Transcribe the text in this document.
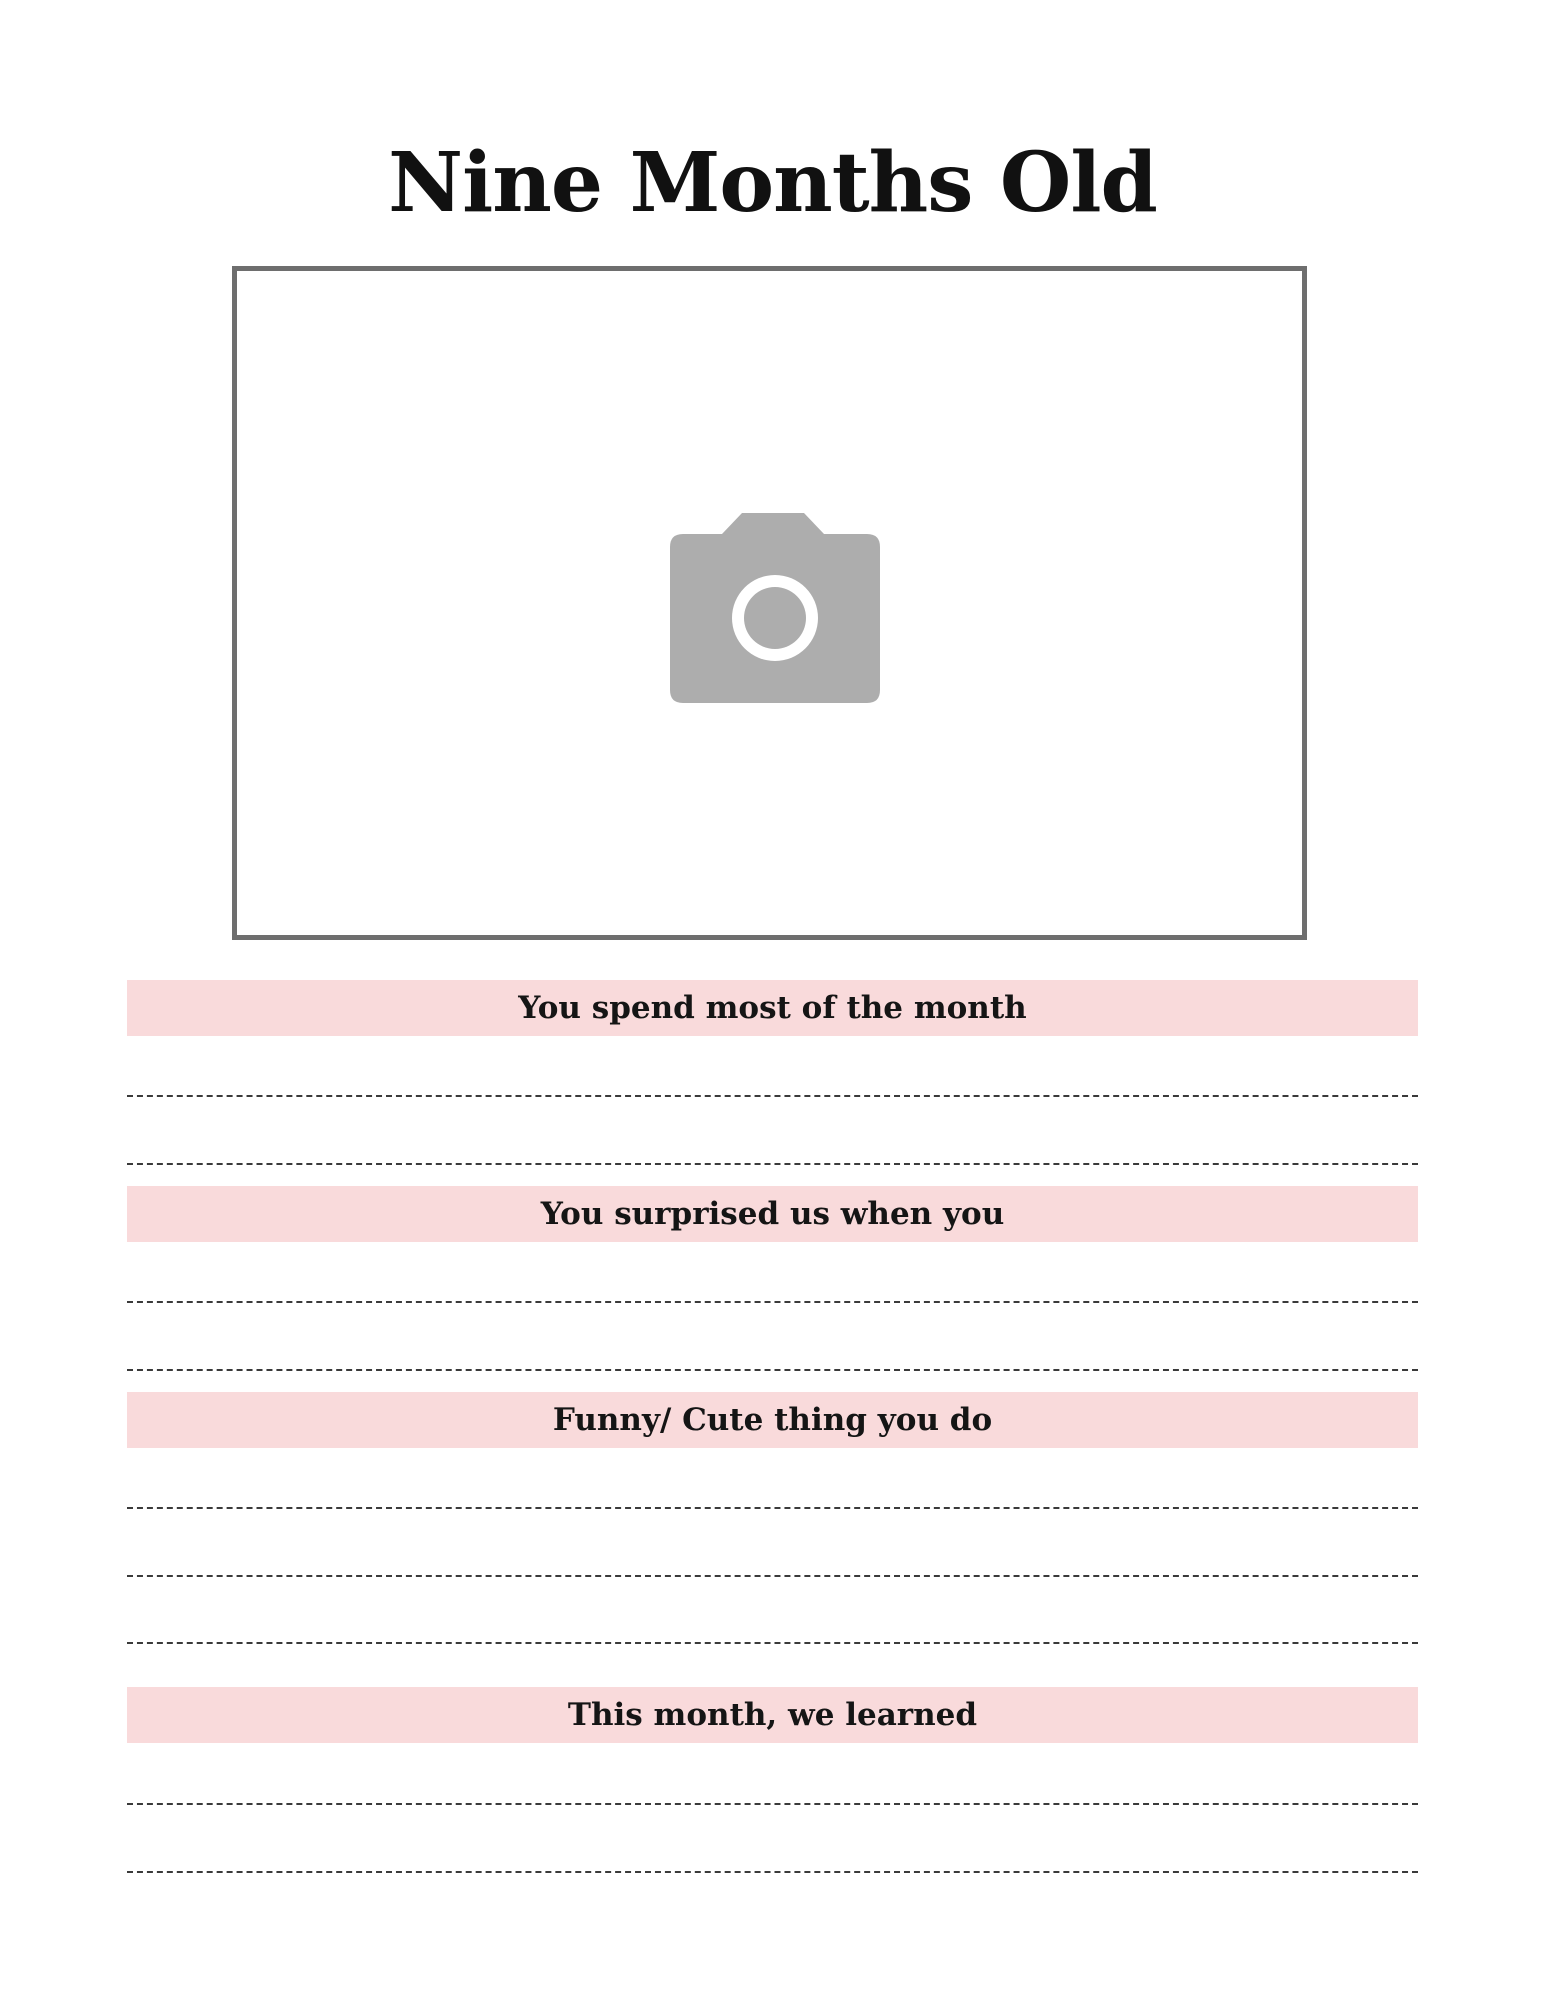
Nine Months Old
You spend most of the month
You surprised us when you
Funny/ Cute thing you do
This month, we learned
